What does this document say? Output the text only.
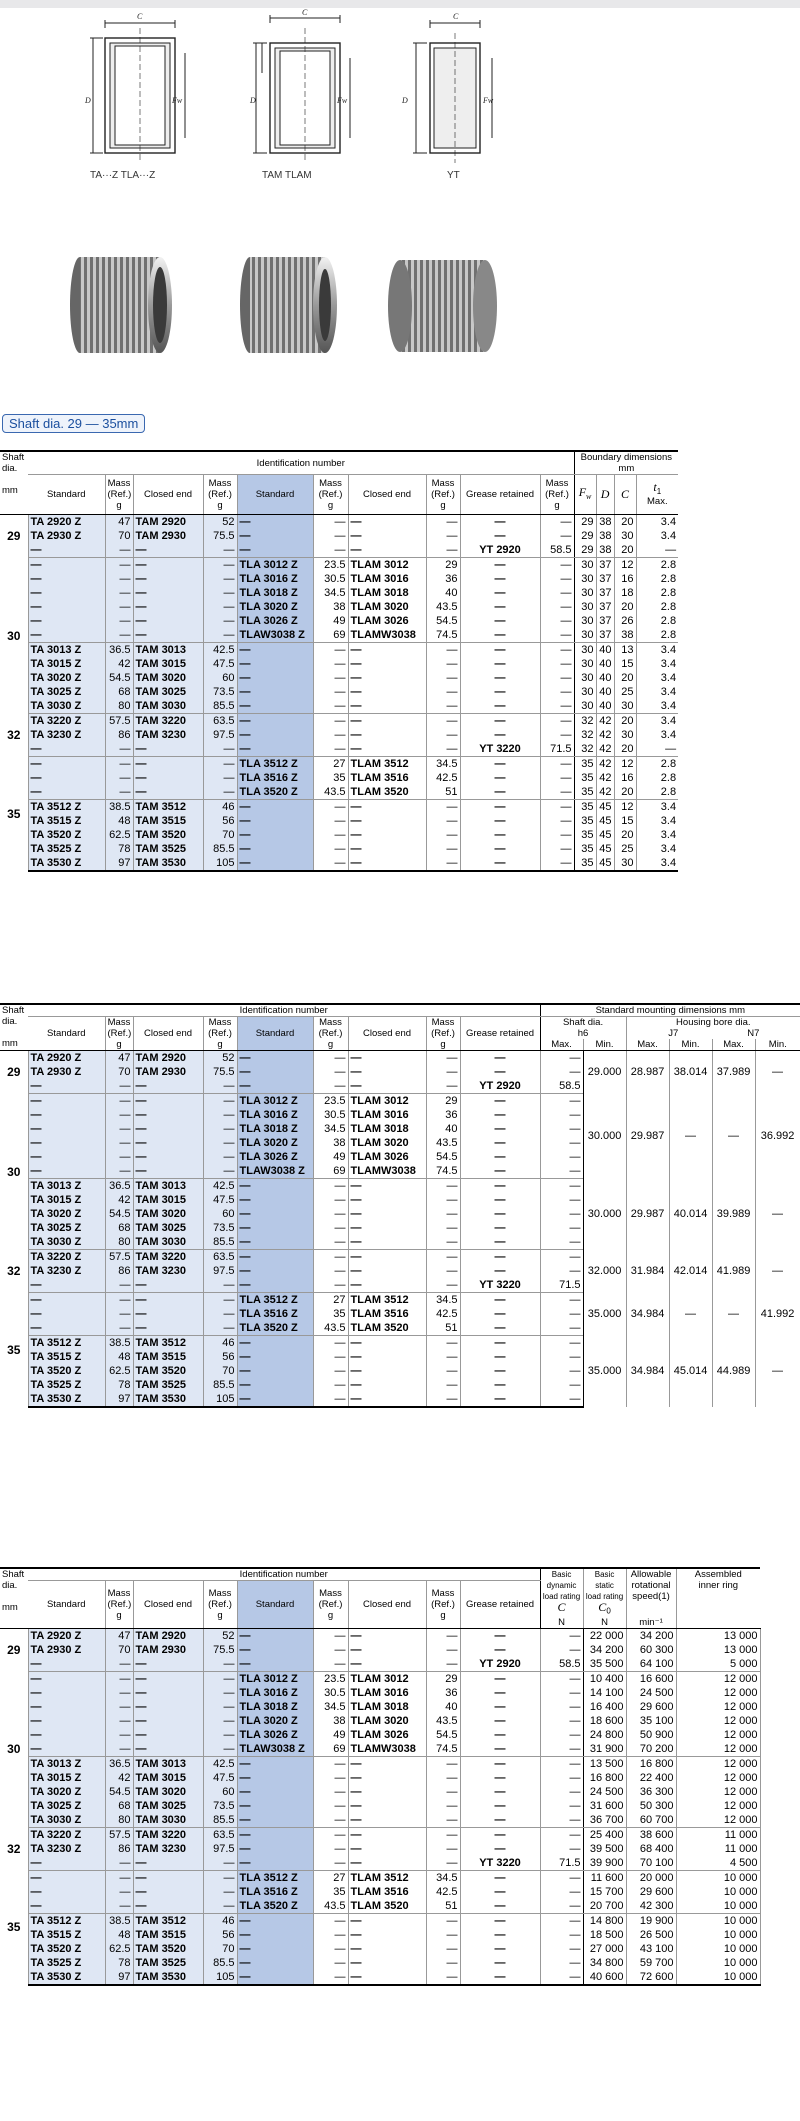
C
D	Fw
C
D	Fw
C
D	Fw
TA···Z TLA···Z	TAM TLAM	YT
Shaft dia. 29 — 35mm
Shaft
dia.

mm	Identification number										Boundary dimensions
mm			
	Standard	Mass
(Ref.)
g	Closed end	Mass
(Ref.)
g	Standard	Mass
(Ref.)
g	Closed end	Mass
(Ref.)
g	Grease retained	Mass
(Ref.)
g	$F_w$	D	C	$t_1$
Max.
29	TA 2920 Z	47	TAM 2920	52	—	—	—	—	—	—	29	38	20	3.4
	TA 2930 Z	70	TAM 2930	75.5	—	—	—	—	—	—	29	38	30	3.4
	—	—	—	—	—	—	—	—	YT 2920	58.5	29	38	20	—
30	—	—	—	—	TLA 3012 Z	23.5	TLAM 3012	29	—	—	30	37	12	2.8
	—	—	—	—	TLA 3016 Z	30.5	TLAM 3016	36	—	—	30	37	16	2.8
	—	—	—	—	TLA 3018 Z	34.5	TLAM 3018	40	—	—	30	37	18	2.8
	—	—	—	—	TLA 3020 Z	38	TLAM 3020	43.5	—	—	30	37	20	2.8
	—	—	—	—	TLA 3026 Z	49	TLAM 3026	54.5	—	—	30	37	26	2.8
	—	—	—	—	TLAW3038 Z	69	TLAMW3038	74.5	—	—	30	37	38	2.8
	TA 3013 Z	36.5	TAM 3013	42.5	—	—	—	—	—	—	30	40	13	3.4
	TA 3015 Z	42	TAM 3015	47.5	—	—	—	—	—	—	30	40	15	3.4
	TA 3020 Z	54.5	TAM 3020	60	—	—	—	—	—	—	30	40	20	3.4
	TA 3025 Z	68	TAM 3025	73.5	—	—	—	—	—	—	30	40	25	3.4
	TA 3030 Z	80	TAM 3030	85.5	—	—	—	—	—	—	30	40	30	3.4
32	TA 3220 Z	57.5	TAM 3220	63.5	—	—	—	—	—	—	32	42	20	3.4
	TA 3230 Z	86	TAM 3230	97.5	—	—	—	—	—	—	32	42	30	3.4
	—	—	—	—	—	—	—	—	YT 3220	71.5	32	42	20	—
35	—	—	—	—	TLA 3512 Z	27	TLAM 3512	34.5	—	—	35	42	12	2.8
	—	—	—	—	TLA 3516 Z	35	TLAM 3516	42.5	—	—	35	42	16	2.8
	—	—	—	—	TLA 3520 Z	43.5	TLAM 3520	51	—	—	35	42	20	2.8
	TA 3512 Z	38.5	TAM 3512	46	—	—	—	—	—	—	35	45	12	3.4
	TA 3515 Z	48	TAM 3515	56	—	—	—	—	—	—	35	45	15	3.4
	TA 3520 Z	62.5	TAM 3520	70	—	—	—	—	—	—	35	45	20	3.4
	TA 3525 Z	78	TAM 3525	85.5	—	—	—	—	—	—	35	45	25	3.4
	TA 3530 Z	97	TAM 3530	105	—	—	—	—	—	—	35	45	30	3.4
Shaft
dia.

mm	Identification number									Standard mounting dimensions mm						
	Standard	Mass
(Ref.)
g	Closed end	Mass
(Ref.)
g	Standard	Mass
(Ref.)
g	Closed end	Mass
(Ref.)
g	Grease retained	Shaft dia.
h6		Housing bore dia.
J7 N7				
										Max.	Min.	Max.	Min.	Max.	Min.	
29	TA 2920 Z	47	TAM 2920	52	—	—	—	—	—	—	29.000	28.987	38.014	37.989	—	
	TA 2930 Z	70	TAM 2930	75.5	—	—	—	—	—	—						
	—	—	—	—	—	—	—	—	YT 2920	58.5						
30	—	—	—	—	TLA 3012 Z	23.5	TLAM 3012	29	—	—	30.000	29.987	—	—	36.992	
	—	—	—	—	TLA 3016 Z	30.5	TLAM 3016	36	—	—						
	—	—	—	—	TLA 3018 Z	34.5	TLAM 3018	40	—	—						
	—	—	—	—	TLA 3020 Z	38	TLAM 3020	43.5	—	—						
	—	—	—	—	TLA 3026 Z	49	TLAM 3026	54.5	—	—						
	—	—	—	—	TLAW3038 Z	69	TLAMW3038	74.5	—	—						
	TA 3013 Z	36.5	TAM 3013	42.5	—	—	—	—	—	—	30.000	29.987	40.014	39.989	—	
	TA 3015 Z	42	TAM 3015	47.5	—	—	—	—	—	—						
	TA 3020 Z	54.5	TAM 3020	60	—	—	—	—	—	—						
	TA 3025 Z	68	TAM 3025	73.5	—	—	—	—	—	—						
	TA 3030 Z	80	TAM 3030	85.5	—	—	—	—	—	—						
32	TA 3220 Z	57.5	TAM 3220	63.5	—	—	—	—	—	—	32.000	31.984	42.014	41.989	—	
	TA 3230 Z	86	TAM 3230	97.5	—	—	—	—	—	—						
	—	—	—	—	—	—	—	—	YT 3220	71.5						
35	—	—	—	—	TLA 3512 Z	27	TLAM 3512	34.5	—	—	35.000	34.984	—	—	41.992	
	—	—	—	—	TLA 3516 Z	35	TLAM 3516	42.5	—	—						
	—	—	—	—	TLA 3520 Z	43.5	TLAM 3520	51	—	—						
	TA 3512 Z	38.5	TAM 3512	46	—	—	—	—	—	—	35.000	34.984	45.014	44.989	—	
	TA 3515 Z	48	TAM 3515	56	—	—	—	—	—	—						
	TA 3520 Z	62.5	TAM 3520	70	—	—	—	—	—	—						
	TA 3525 Z	78	TAM 3525	85.5	—	—	—	—	—	—						
	TA 3530 Z	97	TAM 3530	105	—	—	—	—	—	—						
Shaft
dia.

mm	Identification number									Basic dynamic
load rating
C	Basic static
load rating
$C_0$	Allowable
rotational
speed(1)	Assembled
inner ring	
	Standard	Mass
(Ref.)
g	Closed end	Mass
(Ref.)
g	Standard	Mass
(Ref.)
g	Closed end	Mass
(Ref.)
g	Grease retained					
										N	N	min⁻¹		
29	TA 2920 Z	47	TAM 2920	52	—	—	—	—	—	—	22 000	34 200	13 000	
	TA 2930 Z	70	TAM 2930	75.5	—	—	—	—	—	—	34 200	60 300	13 000	
	—	—	—	—	—	—	—	—	YT 2920	58.5	35 500	64 100	5 000	
30	—	—	—	—	TLA 3012 Z	23.5	TLAM 3012	29	—	—	10 400	16 600	12 000	
	—	—	—	—	TLA 3016 Z	30.5	TLAM 3016	36	—	—	14 100	24 500	12 000	
	—	—	—	—	TLA 3018 Z	34.5	TLAM 3018	40	—	—	16 400	29 600	12 000	
	—	—	—	—	TLA 3020 Z	38	TLAM 3020	43.5	—	—	18 600	35 100	12 000	
	—	—	—	—	TLA 3026 Z	49	TLAM 3026	54.5	—	—	24 800	50 900	12 000	
	—	—	—	—	TLAW3038 Z	69	TLAMW3038	74.5	—	—	31 900	70 200	12 000	
	TA 3013 Z	36.5	TAM 3013	42.5	—	—	—	—	—	—	13 500	16 800	12 000	
	TA 3015 Z	42	TAM 3015	47.5	—	—	—	—	—	—	16 800	22 400	12 000	
	TA 3020 Z	54.5	TAM 3020	60	—	—	—	—	—	—	24 500	36 300	12 000	
	TA 3025 Z	68	TAM 3025	73.5	—	—	—	—	—	—	31 600	50 300	12 000	
	TA 3030 Z	80	TAM 3030	85.5	—	—	—	—	—	—	36 700	60 700	12 000	
32	TA 3220 Z	57.5	TAM 3220	63.5	—	—	—	—	—	—	25 400	38 600	11 000	
	TA 3230 Z	86	TAM 3230	97.5	—	—	—	—	—	—	39 500	68 400	11 000	
	—	—	—	—	—	—	—	—	YT 3220	71.5	39 900	70 100	4 500	
35	—	—	—	—	TLA 3512 Z	27	TLAM 3512	34.5	—	—	11 600	20 000	10 000	
	—	—	—	—	TLA 3516 Z	35	TLAM 3516	42.5	—	—	15 700	29 600	10 000	
	—	—	—	—	TLA 3520 Z	43.5	TLAM 3520	51	—	—	20 700	42 300	10 000	
	TA 3512 Z	38.5	TAM 3512	46	—	—	—	—	—	—	14 800	19 900	10 000	
	TA 3515 Z	48	TAM 3515	56	—	—	—	—	—	—	18 500	26 500	10 000	
	TA 3520 Z	62.5	TAM 3520	70	—	—	—	—	—	—	27 000	43 100	10 000	
	TA 3525 Z	78	TAM 3525	85.5	—	—	—	—	—	—	34 800	59 700	10 000	
	TA 3530 Z	97	TAM 3530	105	—	—	—	—	—	—	40 600	72 600	10 000	
